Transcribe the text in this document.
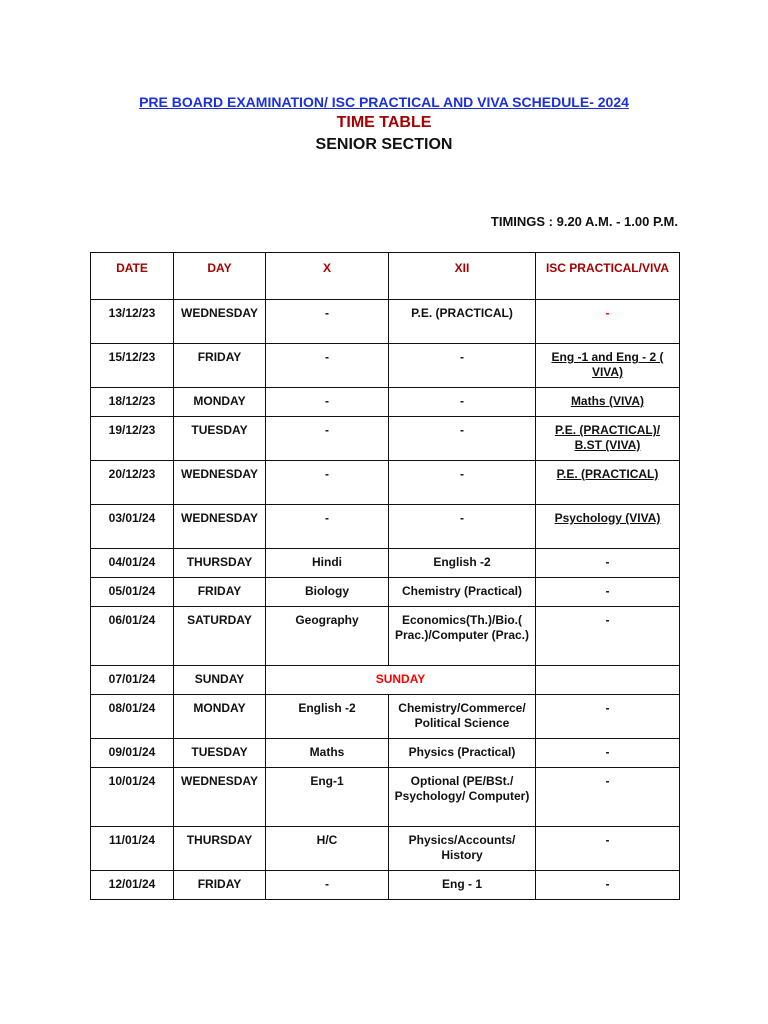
PRE BOARD EXAMINATION/ ISC PRACTICAL AND VIVA SCHEDULE- 2024
TIME TABLE
SENIOR SECTION
TIMINGS : 9.20 A.M. - 1.00 P.M.
DATE	DAY	X	XII	ISC PRACTICAL/VIVA
13/12/23	WEDNESDAY	-	P.E. (PRACTICAL)	-
15/12/23	FRIDAY	-	-	Eng -1 and Eng - 2 ( VIVA)
18/12/23	MONDAY	-	-	Maths (VIVA)
19/12/23	TUESDAY	-	-	P.E. (PRACTICAL)/ B.ST (VIVA)
20/12/23	WEDNESDAY	-	-	P.E. (PRACTICAL)
03/01/24	WEDNESDAY	-	-	Psychology (VIVA)
04/01/24	THURSDAY	Hindi	English -2	-
05/01/24	FRIDAY	Biology	Chemistry (Practical)	-
06/01/24	SATURDAY	Geography	Economics(Th.)/Bio.( Prac.)/Computer (Prac.)	-
07/01/24	SUNDAY	SUNDAY		
08/01/24	MONDAY	English -2	Chemistry/Commerce/ Political Science	-
09/01/24	TUESDAY	Maths	Physics (Practical)	-
10/01/24	WEDNESDAY	Eng-1	Optional (PE/BSt./ Psychology/ Computer)	-
11/01/24	THURSDAY	H/C	Physics/Accounts/ History	-
12/01/24	FRIDAY	-	Eng - 1	-
